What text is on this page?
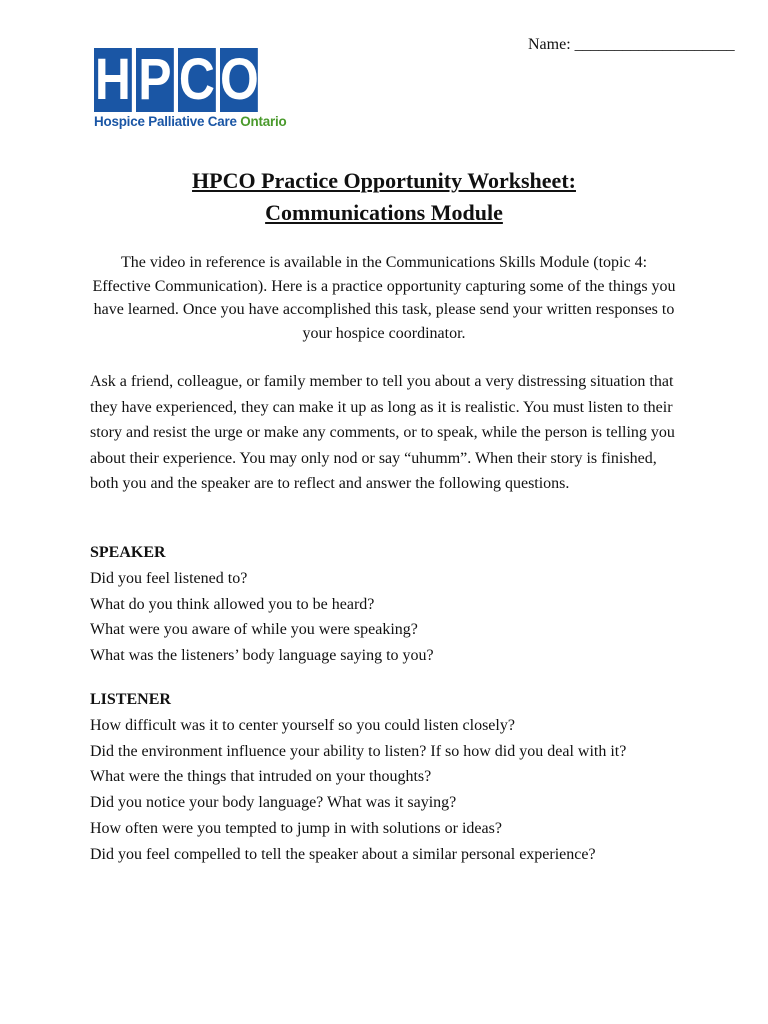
Name: ____________________
H P C O
Hospice Palliative Care Ontario
HPCO Practice Opportunity Worksheet:
Communications Module
The video in reference is available in the Communications Skills Module (topic 4: Effective Communication). Here is a practice opportunity capturing some of the things you have learned. Once you have accomplished this task, please send your written responses to your hospice coordinator.
Ask a friend, colleague, or family member to tell you about a very distressing situation that they have experienced, they can make it up as long as it is realistic. You must listen to their story and resist the urge or make any comments, or to speak, while the person is telling you about their experience. You may only nod or say “uhumm”. When their story is finished, both you and the speaker are to reflect and answer the following questions.
SPEAKER
Did you feel listened to?
What do you think allowed you to be heard?
What were you aware of while you were speaking?
What was the listeners’ body language saying to you?
LISTENER
How difficult was it to center yourself so you could listen closely?
Did the environment influence your ability to listen? If so how did you deal with it?
What were the things that intruded on your thoughts?
Did you notice your body language? What was it saying?
How often were you tempted to jump in with solutions or ideas?
Did you feel compelled to tell the speaker about a similar personal experience?
